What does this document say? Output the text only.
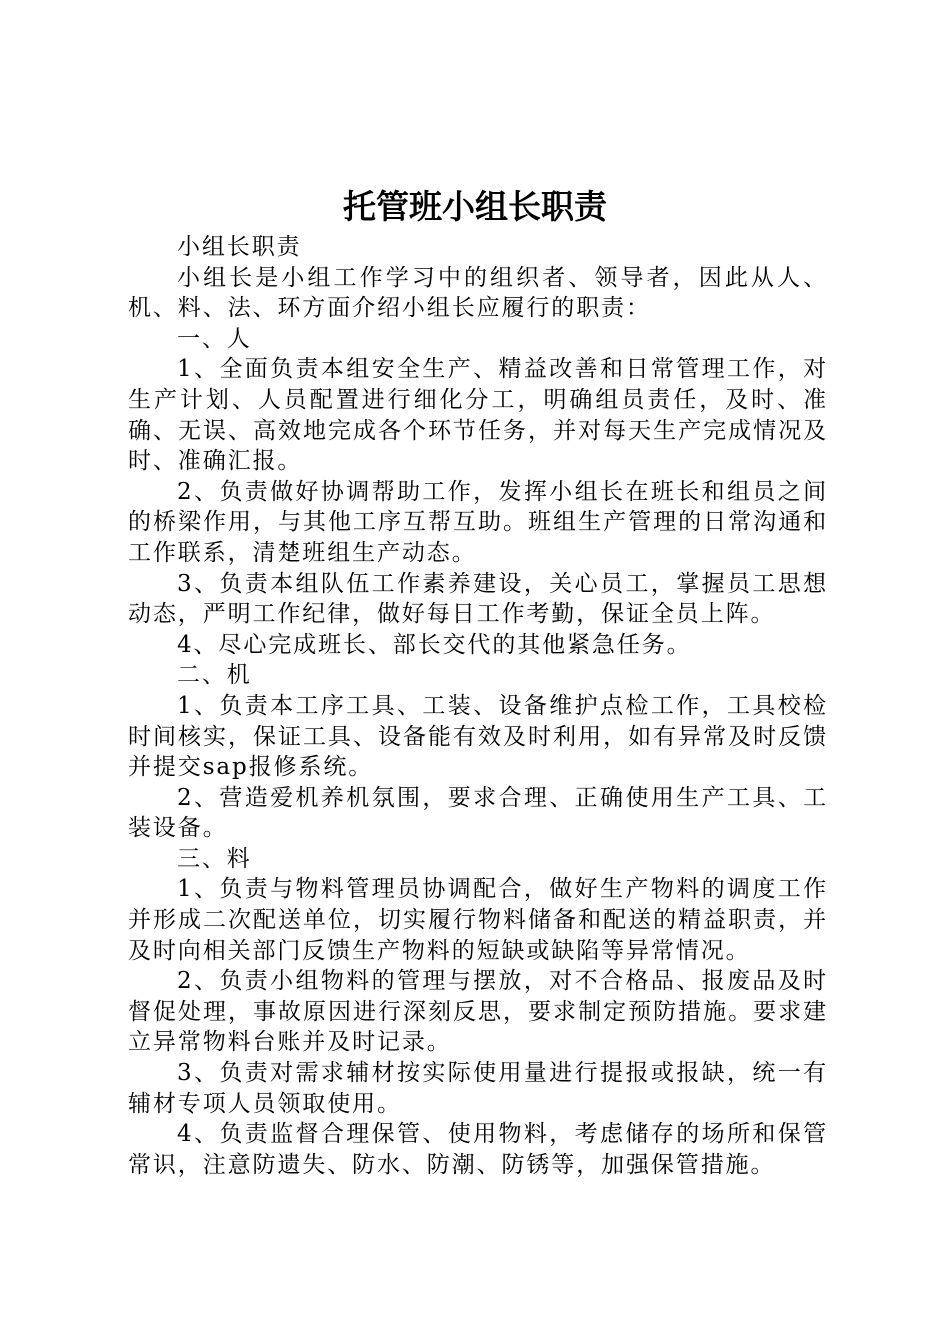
托管班小组长职责

小组长职责

小组长是小组工作学习中的组织者、领导者，因此从人、机、料、法、环方面介绍小组长应履行的职责：

一、人

1、全面负责本组安全生产、精益改善和日常管理工作，对生产计划、人员配置进行细化分工，明确组员责任，及时、准确、无误、高效地完成各个环节任务，并对每天生产完成情况及时、准确汇报。

2、负责做好协调帮助工作，发挥小组长在班长和组员之间的桥梁作用，与其他工序互帮互助。班组生产管理的日常沟通和工作联系，清楚班组生产动态。

3、负责本组队伍工作素养建设，关心员工，掌握员工思想动态，严明工作纪律，做好每日工作考勤，保证全员上阵。

4、尽心完成班长、部长交代的其他紧急任务。

二、机

1、负责本工序工具、工装、设备维护点检工作，工具校检时间核实，保证工具、设备能有效及时利用，如有异常及时反馈并提交sap报修系统。

2、营造爱机养机氛围，要求合理、正确使用生产工具、工装设备。

三、料

1、负责与物料管理员协调配合，做好生产物料的调度工作并形成二次配送单位，切实履行物料储备和配送的精益职责，并及时向相关部门反馈生产物料的短缺或缺陷等异常情况。

2、负责小组物料的管理与摆放，对不合格品、报废品及时督促处理，事故原因进行深刻反思，要求制定预防措施。要求建立异常物料台账并及时记录。

3、负责对需求辅材按实际使用量进行提报或报缺，统一有辅材专项人员领取使用。

4、负责监督合理保管、使用物料，考虑储存的场所和保管常识，注意防遗失、防水、防潮、防锈等，加强保管措施。
